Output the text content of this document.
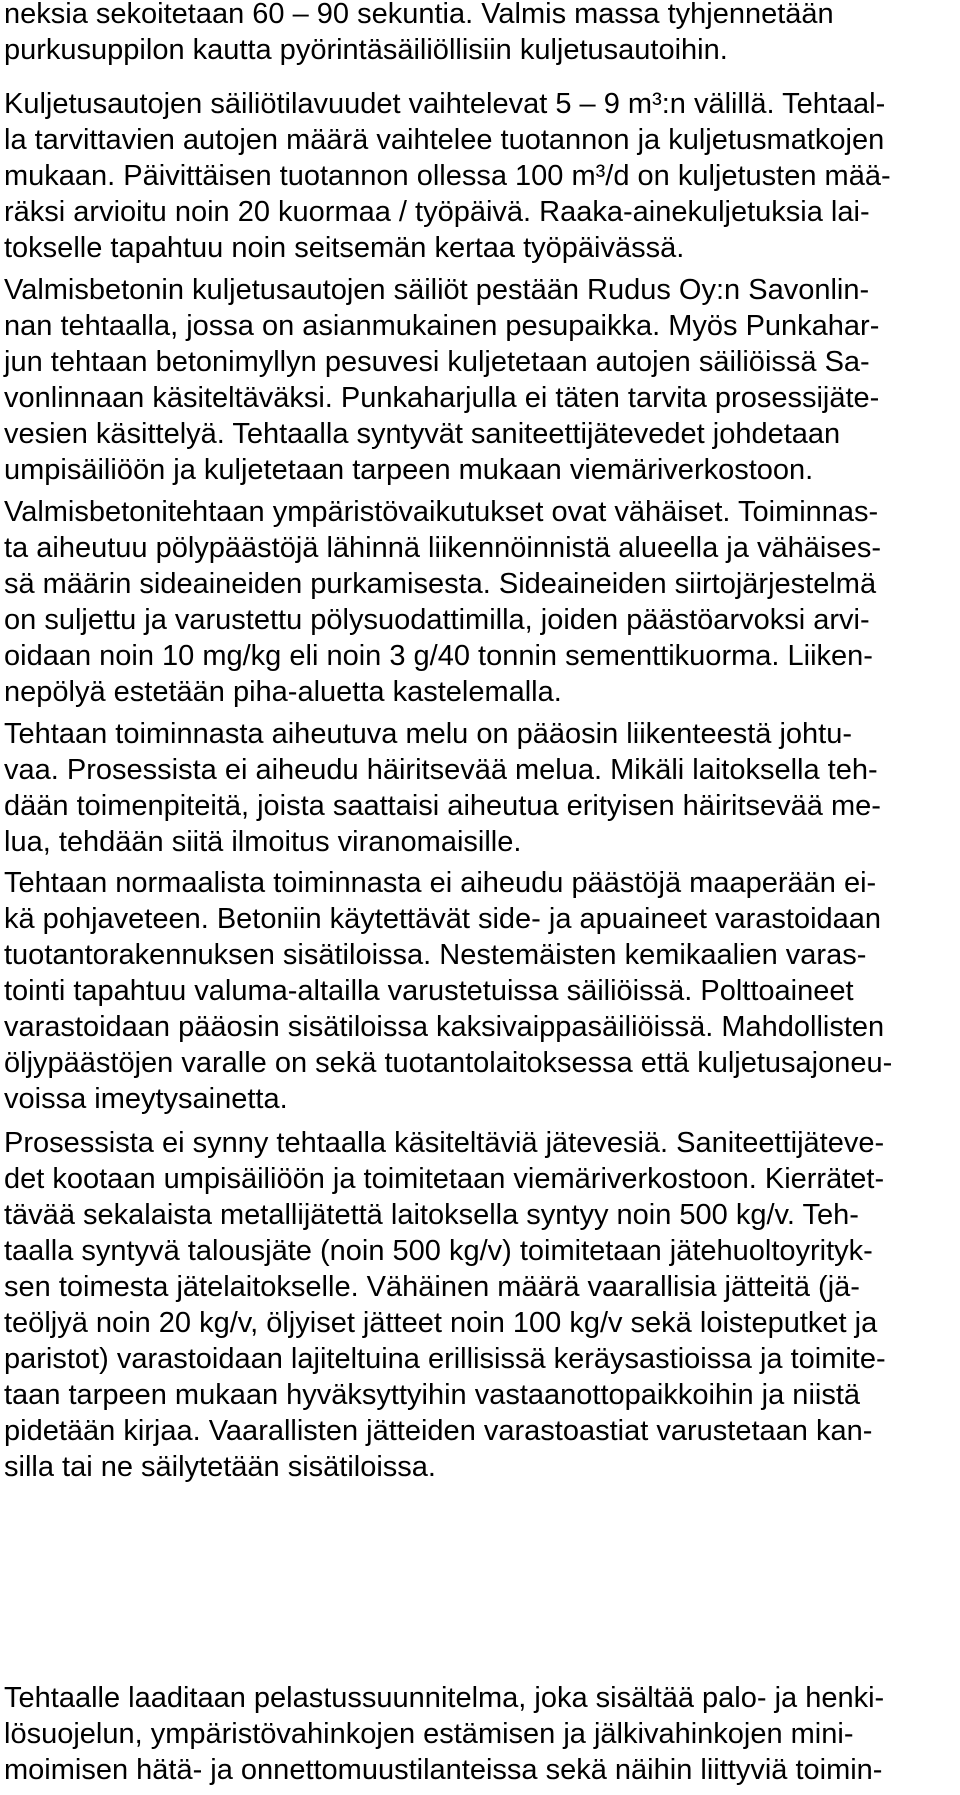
neksia sekoitetaan 60 – 90 sekuntia. Valmis massa tyhjennetään
purkusuppilon kautta pyörintäsäiliöllisiin kuljetusautoihin.
Kuljetusautojen säiliötilavuudet vaihtelevat 5 – 9 m³:n välillä. Tehtaal-
la tarvittavien autojen määrä vaihtelee tuotannon ja kuljetusmatkojen
mukaan. Päivittäisen tuotannon ollessa 100 m³/d on kuljetusten mää-
räksi arvioitu noin 20 kuormaa / työpäivä. Raaka-ainekuljetuksia lai-
tokselle tapahtuu noin seitsemän kertaa työpäivässä.
Valmisbetonin kuljetusautojen säiliöt pestään Rudus Oy:n Savonlin-
nan tehtaalla, jossa on asianmukainen pesupaikka. Myös Punkahar-
jun tehtaan betonimyllyn pesuvesi kuljetetaan autojen säiliöissä Sa-
vonlinnaan käsiteltäväksi. Punkaharjulla ei täten tarvita prosessijäte-
vesien käsittelyä. Tehtaalla syntyvät saniteettijätevedet johdetaan
umpisäiliöön ja kuljetetaan tarpeen mukaan viemäriverkostoon.
Valmisbetonitehtaan ympäristövaikutukset ovat vähäiset. Toiminnas-
ta aiheutuu pölypäästöjä lähinnä liikennöinnistä alueella ja vähäises-
sä määrin sideaineiden purkamisesta. Sideaineiden siirtojärjestelmä
on suljettu ja varustettu pölysuodattimilla, joiden päästöarvoksi arvi-
oidaan noin 10 mg/kg eli noin 3 g/40 tonnin sementtikuorma. Liiken-
nepölyä estetään piha-aluetta kastelemalla.
Tehtaan toiminnasta aiheutuva melu on pääosin liikenteestä johtu-
vaa. Prosessista ei aiheudu häiritsevää melua. Mikäli laitoksella teh-
dään toimenpiteitä, joista saattaisi aiheutua erityisen häiritsevää me-
lua, tehdään siitä ilmoitus viranomaisille.
Tehtaan normaalista toiminnasta ei aiheudu päästöjä maaperään ei-
kä pohjaveteen. Betoniin käytettävät side- ja apuaineet varastoidaan
tuotantorakennuksen sisätiloissa. Nestemäisten kemikaalien varas-
tointi tapahtuu valuma-altailla varustetuissa säiliöissä. Polttoaineet
varastoidaan pääosin sisätiloissa kaksivaippasäiliöissä. Mahdollisten
öljypäästöjen varalle on sekä tuotantolaitoksessa että kuljetusajoneu-
voissa imeytysainetta.
Prosessista ei synny tehtaalla käsiteltäviä jätevesiä. Saniteettijäteve-
det kootaan umpisäiliöön ja toimitetaan viemäriverkostoon. Kierrätet-
tävää sekalaista metallijätettä laitoksella syntyy noin 500 kg/v. Teh-
taalla syntyvä talousjäte (noin 500 kg/v) toimitetaan jätehuoltoyrityk-
sen toimesta jätelaitokselle. Vähäinen määrä vaarallisia jätteitä (jä-
teöljyä noin 20 kg/v, öljyiset jätteet noin 100 kg/v sekä loisteputket ja
paristot) varastoidaan lajiteltuina erillisissä keräysastioissa ja toimite-
taan tarpeen mukaan hyväksyttyihin vastaanottopaikkoihin ja niistä
pidetään kirjaa. Vaarallisten jätteiden varastoastiat varustetaan kan-
silla tai ne säilytetään sisätiloissa.
Tehtaalle laaditaan pelastussuunnitelma, joka sisältää palo- ja henki-
lösuojelun, ympäristövahinkojen estämisen ja jälkivahinkojen mini-
moimisen hätä- ja onnettomuustilanteissa sekä näihin liittyviä toimin-
